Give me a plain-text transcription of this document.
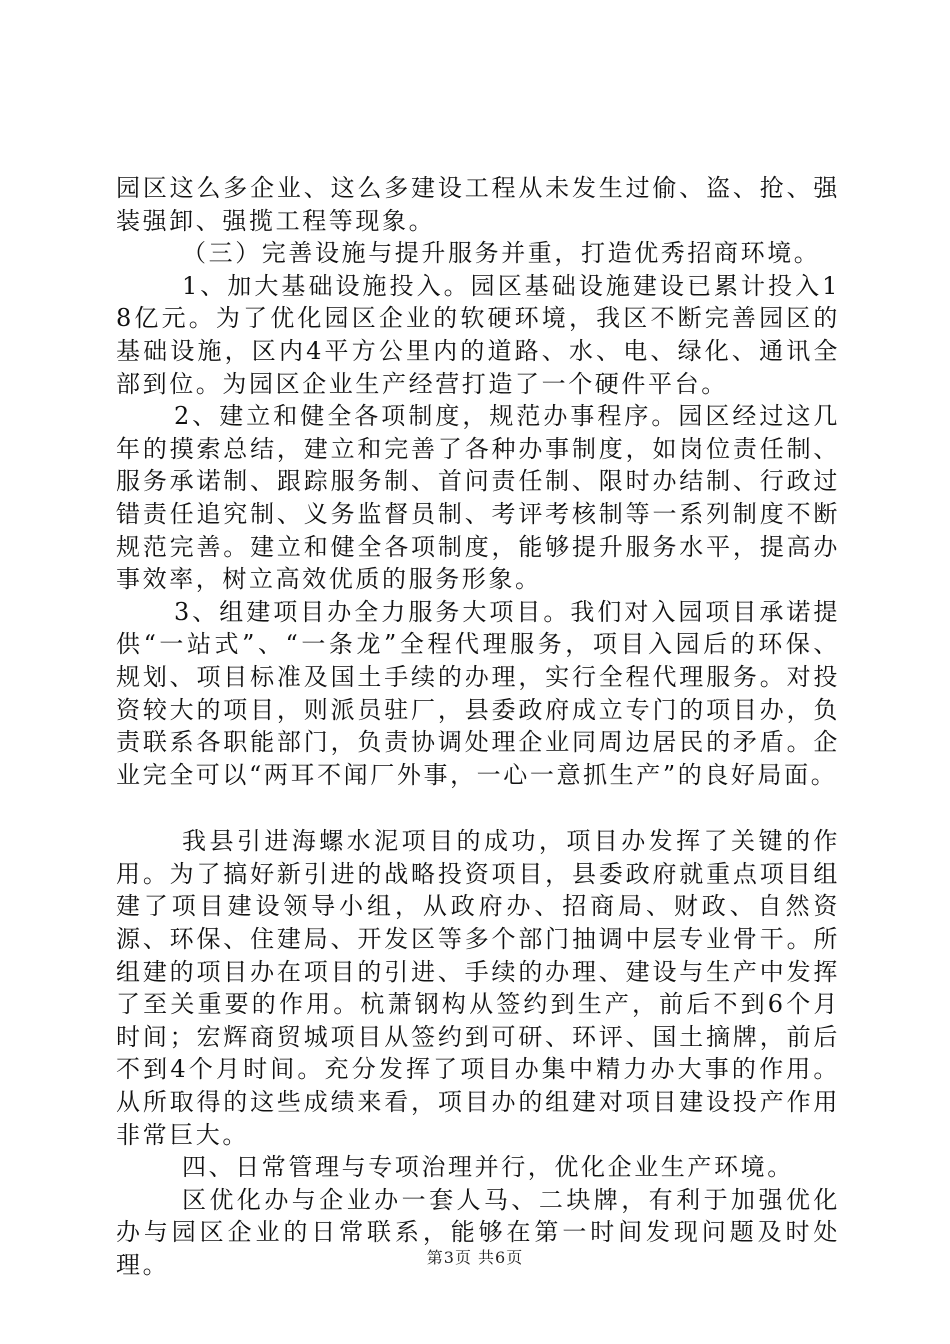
园区这么多企业、这么多建设工程从未发生过偷、盗、抢、强装强卸、强揽工程等现象。

（三）完善设施与提升服务并重，打造优秀招商环境。

1、加大基础设施投入。园区基础设施建设已累计投入18亿元。为了优化园区企业的软硬环境，我区不断完善园区的基础设施，区内4平方公里内的道路、水、电、绿化、通讯全部到位。为园区企业生产经营打造了一个硬件平台。

2、建立和健全各项制度，规范办事程序。园区经过这几年的摸索总结，建立和完善了各种办事制度，如岗位责任制、服务承诺制、跟踪服务制、首问责任制、限时办结制、行政过错责任追究制、义务监督员制、考评考核制等一系列制度不断规范完善。建立和健全各项制度，能够提升服务水平，提高办事效率，树立高效优质的服务形象。

3、组建项目办全力服务大项目。我们对入园项目承诺提供“一站式”、“一条龙”全程代理服务，项目入园后的环保、规划、项目标准及国土手续的办理，实行全程代理服务。对投资较大的项目，则派员驻厂，县委政府成立专门的项目办，负责联系各职能部门，负责协调处理企业同周边居民的矛盾。企业完全可以“两耳不闻厂外事，一心一意抓生产”的良好局面。

我县引进海螺水泥项目的成功，项目办发挥了关键的作用。为了搞好新引进的战略投资项目，县委政府就重点项目组建了项目建设领导小组，从政府办、招商局、财政、自然资源、环保、住建局、开发区等多个部门抽调中层专业骨干。所组建的项目办在项目的引进、手续的办理、建设与生产中发挥了至关重要的作用。杭萧钢构从签约到生产，前后不到6个月时间；宏辉商贸城项目从签约到可研、环评、国土摘牌，前后不到4个月时间。充分发挥了项目办集中精力办大事的作用。从所取得的这些成绩来看，项目办的组建对项目建设投产作用非常巨大。

四、日常管理与专项治理并行，优化企业生产环境。

区优化办与企业办一套人马、二块牌，有利于加强优化办与园区企业的日常联系，能够在第一时间发现问题及时处理。	第3页 共6页
